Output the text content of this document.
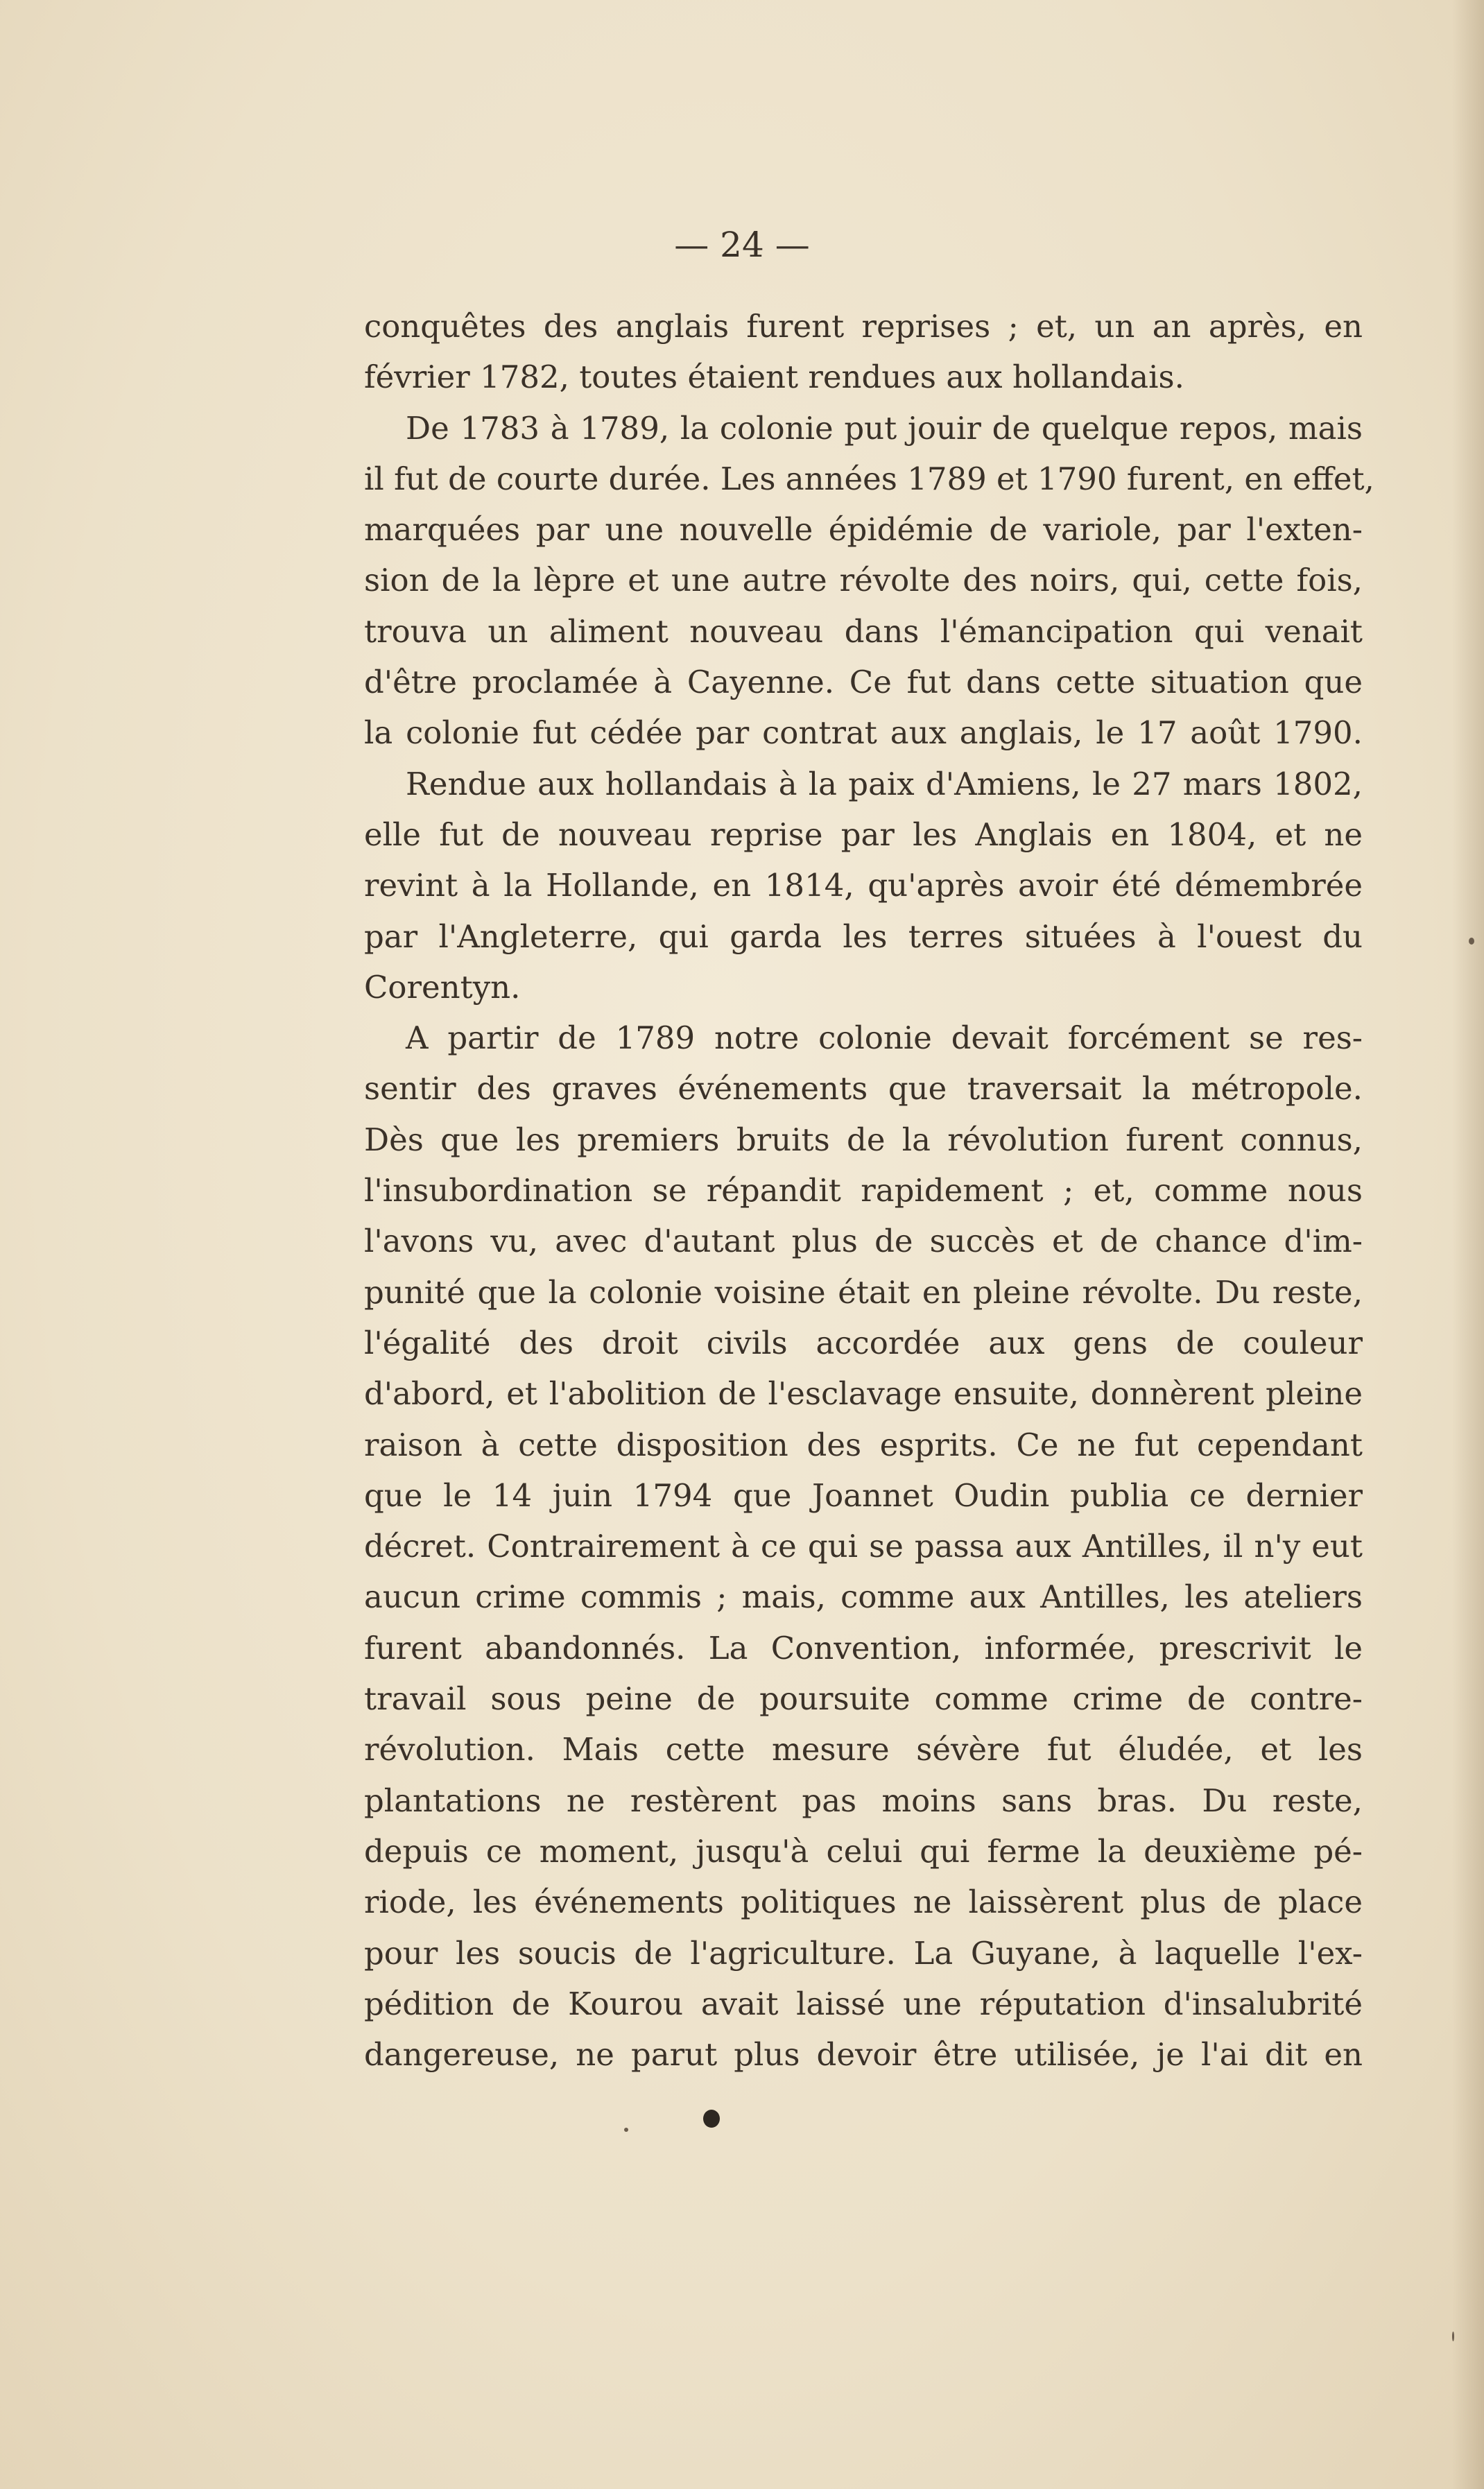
— 24 —
conquêtes des anglais furent reprises ; et, un an après, en
février 1782, toutes étaient rendues aux hollandais.
De 1783 à 1789, la colonie put jouir de quelque repos, mais
il fut de courte durée. Les années 1789 et 1790 furent, en effet,
marquées par une nouvelle épidémie de variole, par l'exten-
sion de la lèpre et une autre révolte des noirs, qui, cette fois,
trouva un aliment nouveau dans l'émancipation qui venait
d'être proclamée à Cayenne. Ce fut dans cette situation que
la colonie fut cédée par contrat aux anglais, le 17 août 1790.
Rendue aux hollandais à la paix d'Amiens, le 27 mars 1802,
elle fut de nouveau reprise par les Anglais en 1804, et ne
revint à la Hollande, en 1814, qu'après avoir été démembrée
par l'Angleterre, qui garda les terres situées à l'ouest du
Corentyn.
A partir de 1789 notre colonie devait forcément se res-
sentir des graves événements que traversait la métropole.
Dès que les premiers bruits de la révolution furent connus,
l'insubordination se répandit rapidement ; et, comme nous
l'avons vu, avec d'autant plus de succès et de chance d'im-
punité que la colonie voisine était en pleine révolte. Du reste,
l'égalité des droit civils accordée aux gens de couleur
d'abord, et l'abolition de l'esclavage ensuite, donnèrent pleine
raison à cette disposition des esprits. Ce ne fut cependant
que le 14 juin 1794 que Joannet Oudin publia ce dernier
décret. Contrairement à ce qui se passa aux Antilles, il n'y eut
aucun crime commis ; mais, comme aux Antilles, les ateliers
furent abandonnés. La Convention, informée, prescrivit le
travail sous peine de poursuite comme crime de contre-
révolution. Mais cette mesure sévère fut éludée, et les
plantations ne restèrent pas moins sans bras. Du reste,
depuis ce moment, jusqu'à celui qui ferme la deuxième pé-
riode, les événements politiques ne laissèrent plus de place
pour les soucis de l'agriculture. La Guyane, à laquelle l'ex-
pédition de Kourou avait laissé une réputation d'insalubrité
dangereuse, ne parut plus devoir être utilisée, je l'ai dit en
